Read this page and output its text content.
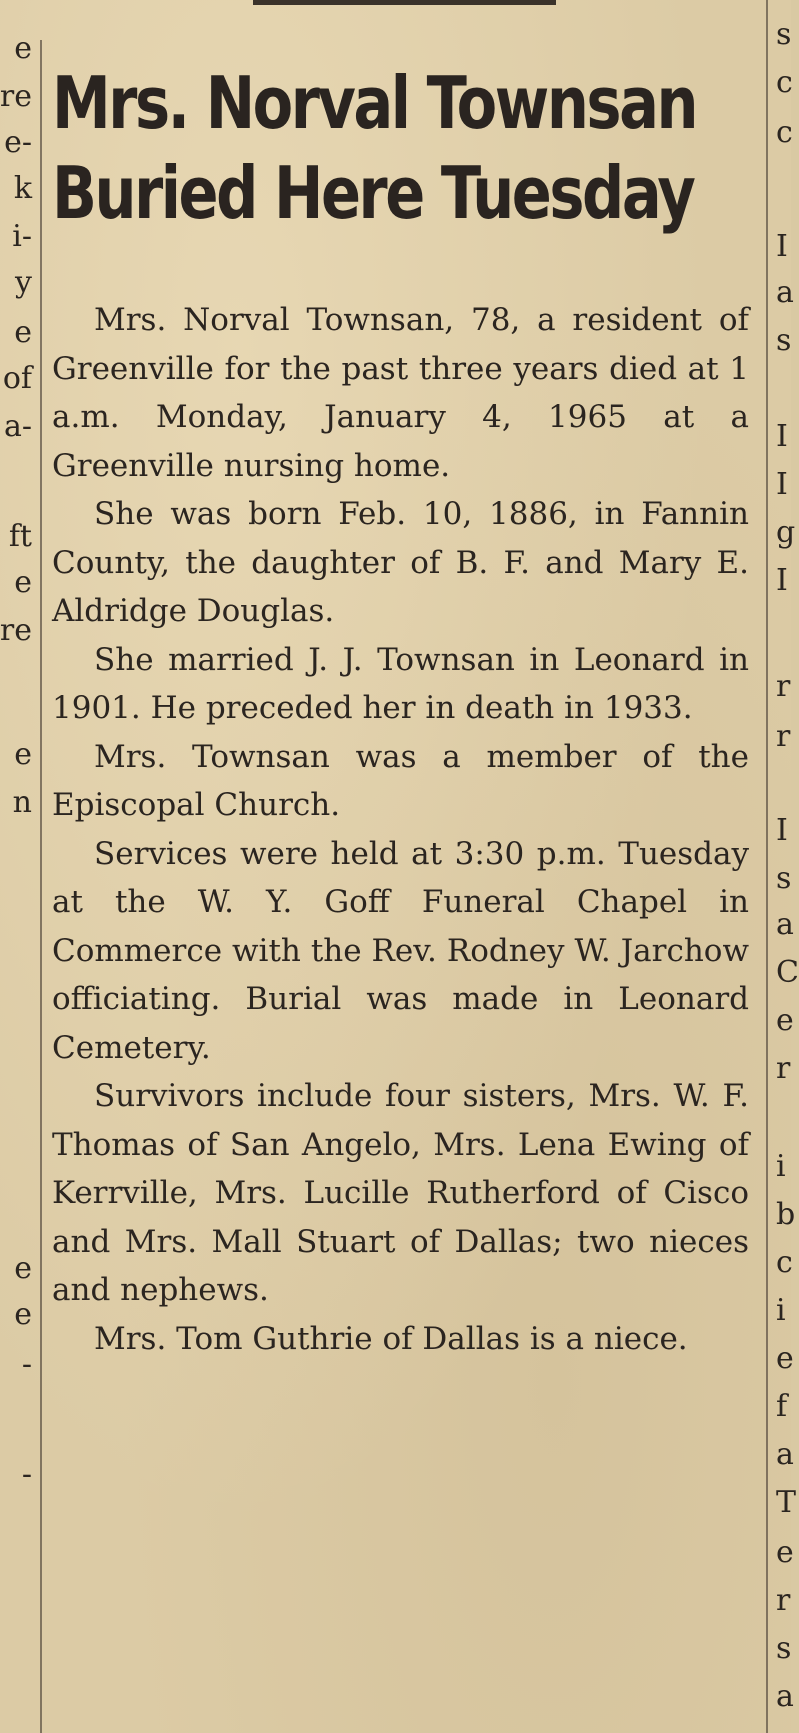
e
re
e-
k
i-
y
e
of
a-
ft
e
re
e
n
e
e
-
-
s
c
c
I
a
s
I
I
g
I
r
r
I
s
a
C
e
r
i
b
c
i
e
f
a
T
e
r
s
a
Mrs. Norval Townsan
Buried Here Tuesday

Mrs. Norval Townsan, 78, a resident of Greenville for the past three years died at 1 a.m. Monday, January 4, 1965 at a Greenville nursing home.

She was born Feb. 10, 1886, in Fannin County, the daughter of B. F. and Mary E. Aldridge Douglas.

She married J. J. Townsan in Leonard in 1901. He preceded her in death in 1933.

Mrs. Townsan was a member of the Episcopal Church.

Services were held at 3:30 p.m. Tuesday at the W. Y. Goff Funeral Chapel in Commerce with the Rev. Rodney W. Jarchow officiating. Burial was made in Leonard Cemetery.

Survivors include four sisters, Mrs. W. F. Thomas of San Angelo, Mrs. Lena Ewing of Kerrville, Mrs. Lucille Rutherford of Cisco and Mrs. Mall Stuart of Dallas; two nieces and nephews.

Mrs. Tom Guthrie of Dallas is a niece.
